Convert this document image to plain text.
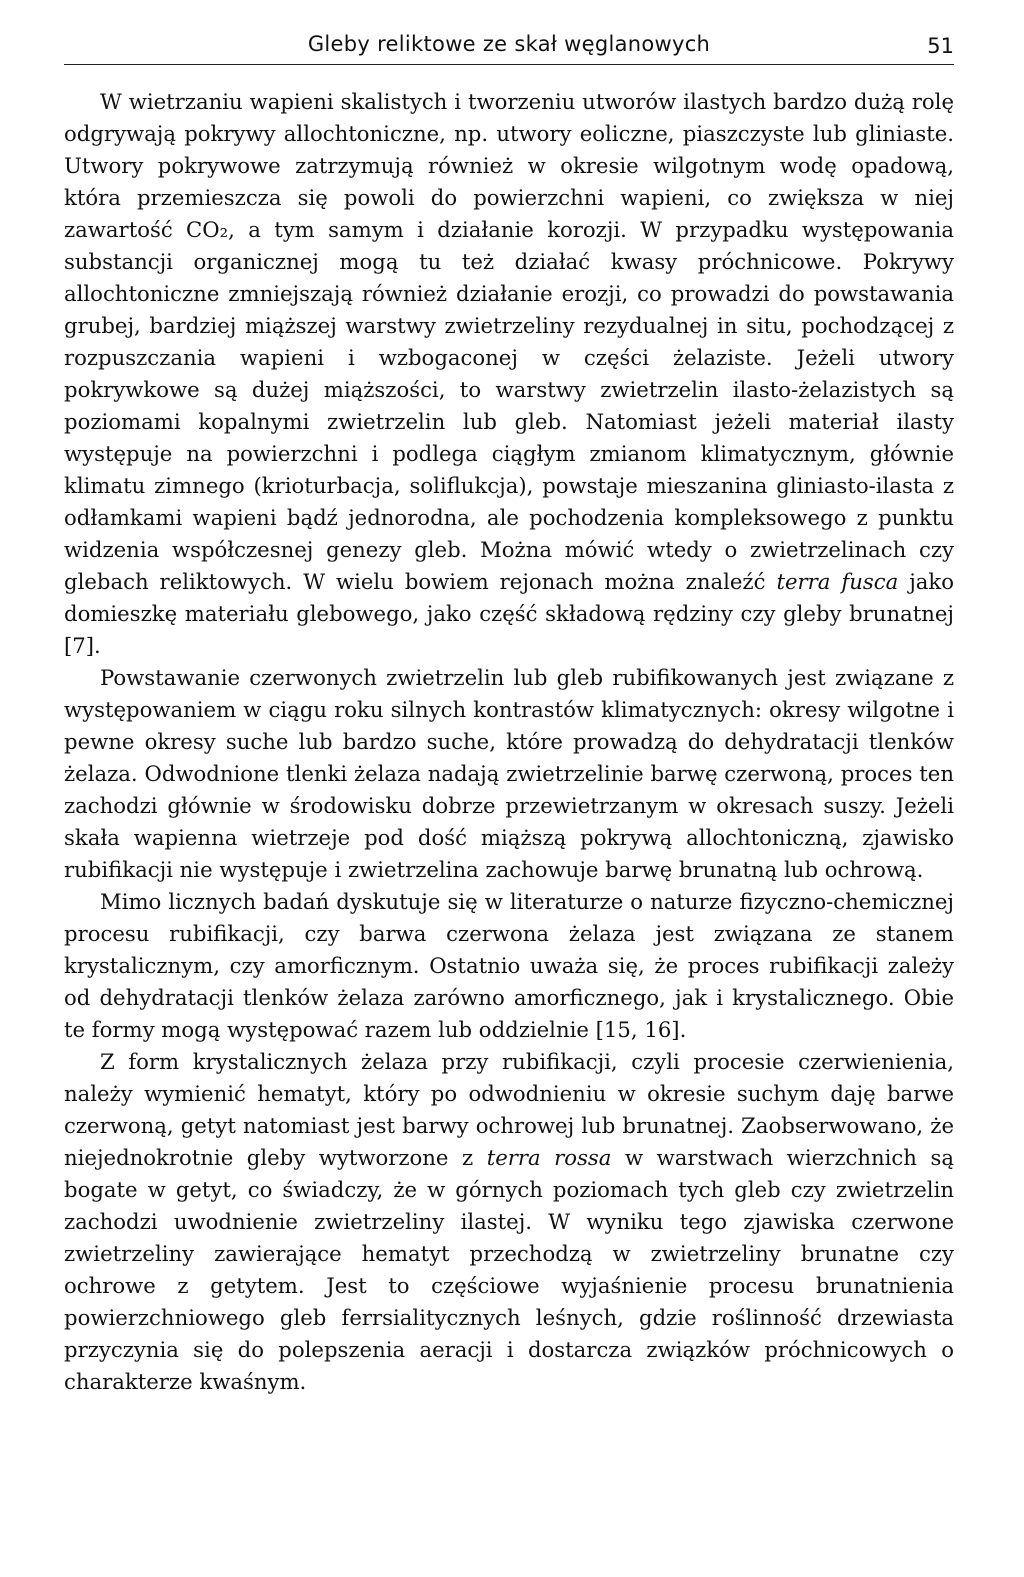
Gleby reliktowe ze skał węglanowych	51

W wietrzaniu wapieni skalistych i tworzeniu utworów ilastych bardzo dużą rolę odgrywają pokrywy allochtoniczne, np. utwory eoliczne, piaszczyste lub gliniaste. Utwory pokrywowe zatrzymują również w okresie wilgotnym wodę opadową, która przemieszcza się powoli do powierzchni wapieni, co zwiększa w niej zawartość CO₂, a tym samym i działanie korozji. W przypadku występowania substancji organicznej mogą tu też działać kwasy próchnicowe. Pokrywy allochtoniczne zmniejszają również działanie erozji, co prowadzi do powstawania grubej, bardziej miąższej warstwy zwietrzeliny rezydualnej in situ, pochodzącej z rozpuszczania wapieni i wzbogaconej w części żelaziste. Jeżeli utwory pokrywkowe są dużej miąższości, to warstwy zwietrzelin ilasto-żelazistych są poziomami kopalnymi zwietrzelin lub gleb. Natomiast jeżeli materiał ilasty występuje na powierzchni i podlega ciągłym zmianom klimatycznym, głównie klimatu zimnego (krioturbacja, soliflukcja), powstaje mieszanina gliniasto-ilasta z odłamkami wapieni bądź jednorodna, ale pochodzenia kompleksowego z punktu widzenia współczesnej genezy gleb. Można mówić wtedy o zwietrzelinach czy glebach reliktowych. W wielu bowiem rejonach można znaleźć terra fusca jako domieszkę materiału glebowego, jako część składową rędziny czy gleby brunatnej [7].

Powstawanie czerwonych zwietrzelin lub gleb rubifikowanych jest związane z występowaniem w ciągu roku silnych kontrastów klimatycznych: okresy wilgotne i pewne okresy suche lub bardzo suche, które prowadzą do dehydratacji tlenków żelaza. Odwodnione tlenki żelaza nadają zwietrzelinie barwę czerwoną, proces ten zachodzi głównie w środowisku dobrze przewietrzanym w okresach suszy. Jeżeli skała wapienna wietrzeje pod dość miąższą pokrywą allochtoniczną, zjawisko rubifikacji nie występuje i zwietrzelina zachowuje barwę brunatną lub ochrową.

Mimo licznych badań dyskutuje się w literaturze o naturze fizyczno-chemicznej procesu rubifikacji, czy barwa czerwona żelaza jest związana ze stanem krystalicznym, czy amorficznym. Ostatnio uważa się, że proces rubifikacji zależy od dehydratacji tlenków żelaza zarówno amorficznego, jak i krystalicznego. Obie te formy mogą występować razem lub oddzielnie [15, 16].

Z form krystalicznych żelaza przy rubifikacji, czyli procesie czerwienienia, należy wymienić hematyt, który po odwodnieniu w okresie suchym daję barwe czerwoną, getyt natomiast jest barwy ochrowej lub brunatnej. Zaobserwowano, że niejednokrotnie gleby wytworzone z terra rossa w warstwach wierzchnich są bogate w getyt, co świadczy, że w górnych poziomach tych gleb czy zwietrzelin zachodzi uwodnienie zwietrzeliny ilastej. W wyniku tego zjawiska czerwone zwietrzeliny zawierające hematyt przechodzą w zwietrzeliny brunatne czy ochrowe z getytem. Jest to częściowe wyjaśnienie procesu brunatnienia powierzchniowego gleb ferrsialitycznych leśnych, gdzie roślinność drzewiasta przyczynia się do polepszenia aeracji i dostarcza związków próchnicowych o charakterze kwaśnym.
